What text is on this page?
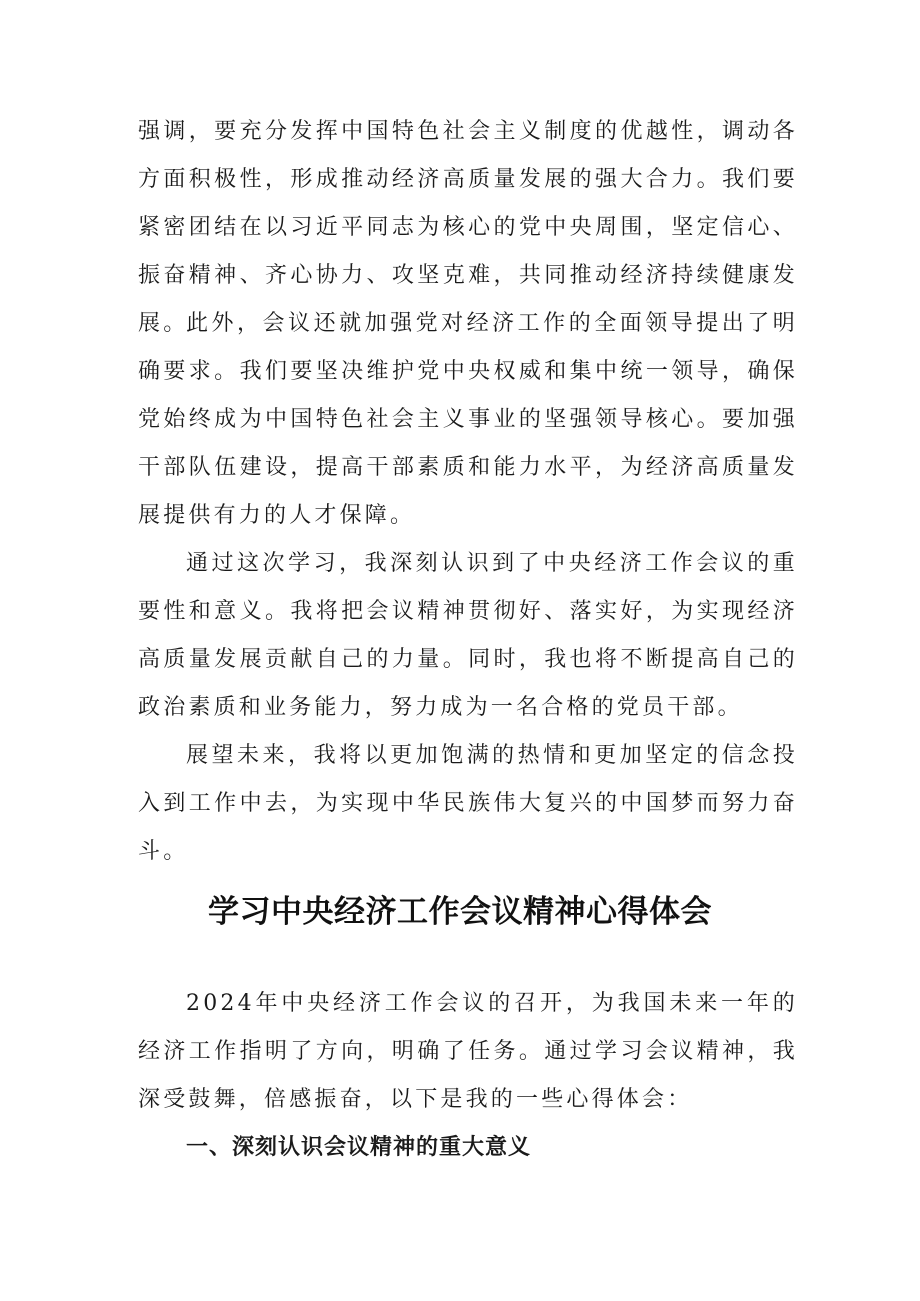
强调，要充分发挥中国特色社会主义制度的优越性，调动各方面积极性，形成推动经济高质量发展的强大合力。我们要紧密团结在以习近平同志为核心的党中央周围，坚定信心、振奋精神、齐心协力、攻坚克难，共同推动经济持续健康发展。

此外，会议还就加强党对经济工作的全面领导提出了明确要求。我们要坚决维护党中央权威和集中统一领导，确保党始终成为中国特色社会主义事业的坚强领导核心。要加强干部队伍建设，提高干部素质和能力水平，为经济高质量发展提供有力的人才保障。

通过这次学习，我深刻认识到了中央经济工作会议的重要性和意义。我将把会议精神贯彻好、落实好，为实现经济高质量发展贡献自己的力量。同时，我也将不断提高自己的政治素质和业务能力，努力成为一名合格的党员干部。

展望未来，我将以更加饱满的热情和更加坚定的信念投入到工作中去，为实现中华民族伟大复兴的中国梦而努力奋斗。

学习中央经济工作会议精神心得体会

2024年中央经济工作会议的召开，为我国未来一年的经济工作指明了方向，明确了任务。通过学习会议精神，我深受鼓舞，倍感振奋，以下是我的一些心得体会：

一、深刻认识会议精神的重大意义
